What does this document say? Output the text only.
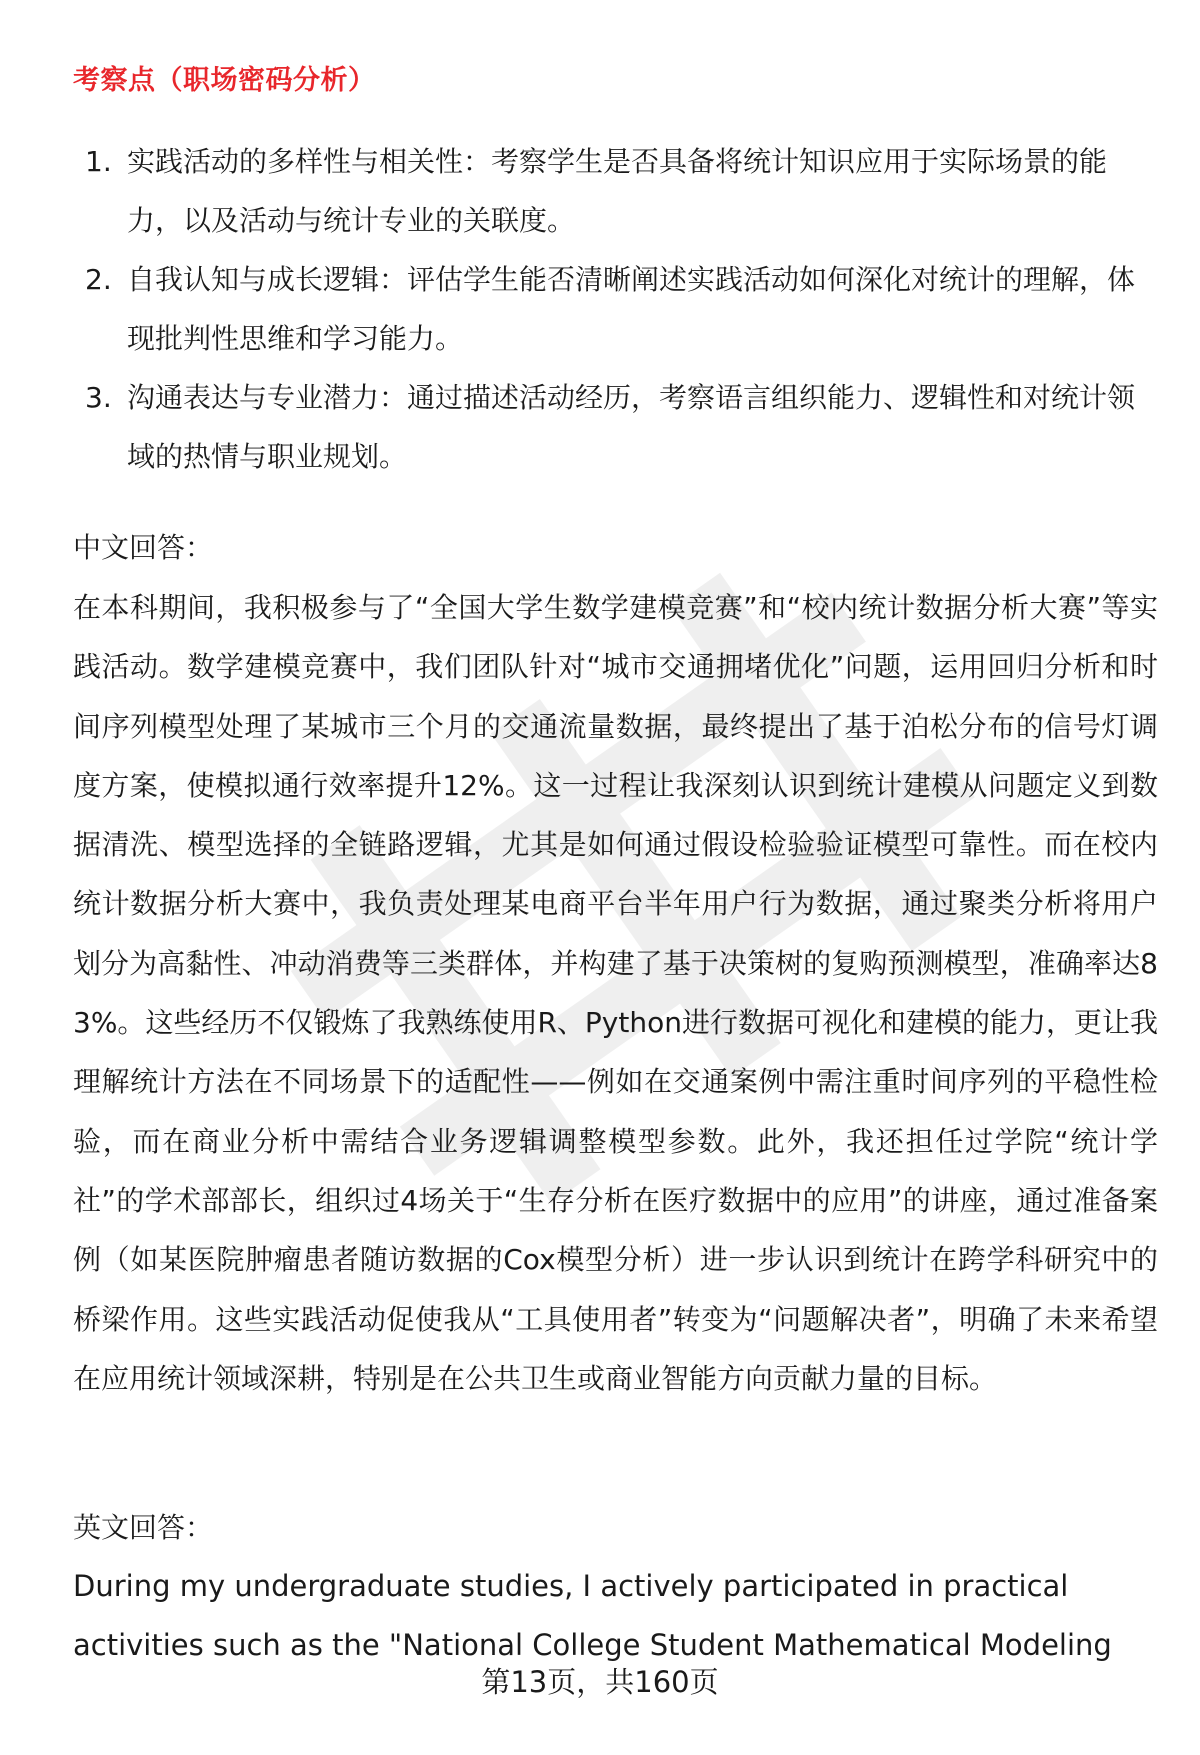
考察点（职场密码分析）
1. 实践活动的多样性与相关性：考察学生是否具备将统计知识应用于实际场景的能力，以及活动与统计专业的关联度。
2. 自我认知与成长逻辑：评估学生能否清晰阐述实践活动如何深化对统计的理解，体现批判性思维和学习能力。
3. 沟通表达与专业潜力：通过描述活动经历，考察语言组织能力、逻辑性和对统计领域的热情与职业规划。
中文回答：
在本科期间，我积极参与了“全国大学生数学建模竞赛”和“校内统计数据分析大赛”等实践活动。数学建模竞赛中，我们团队针对“城市交通拥堵优化”问题，运用回归分析和时间序列模型处理了某城市三个月的交通流量数据，最终提出了基于泊松分布的信号灯调度方案，使模拟通行效率提升12%。这一过程让我深刻认识到统计建模从问题定义到数据清洗、模型选择的全链路逻辑，尤其是如何通过假设检验验证模型可靠性。而在校内统计数据分析大赛中，我负责处理某电商平台半年用户行为数据，通过聚类分析将用户划分为高黏性、冲动消费等三类群体，并构建了基于决策树的复购预测模型，准确率达83%。这些经历不仅锻炼了我熟练使用R、Python进行数据可视化和建模的能力，更让我理解统计方法在不同场景下的适配性——例如在交通案例中需注重时间序列的平稳性检验，而在商业分析中需结合业务逻辑调整模型参数。此外，我还担任过学院“统计学社”的学术部部长，组织过4场关于“生存分析在医疗数据中的应用”的讲座，通过准备案例（如某医院肿瘤患者随访数据的Cox模型分析）进一步认识到统计在跨学科研究中的桥梁作用。这些实践活动促使我从“工具使用者”转变为“问题解决者”，明确了未来希望在应用统计领域深耕，特别是在公共卫生或商业智能方向贡献力量的目标。
英文回答：
During my undergraduate studies, I actively participated in practical activities such as the "National College Student Mathematical Modeling
第13页，共160页
